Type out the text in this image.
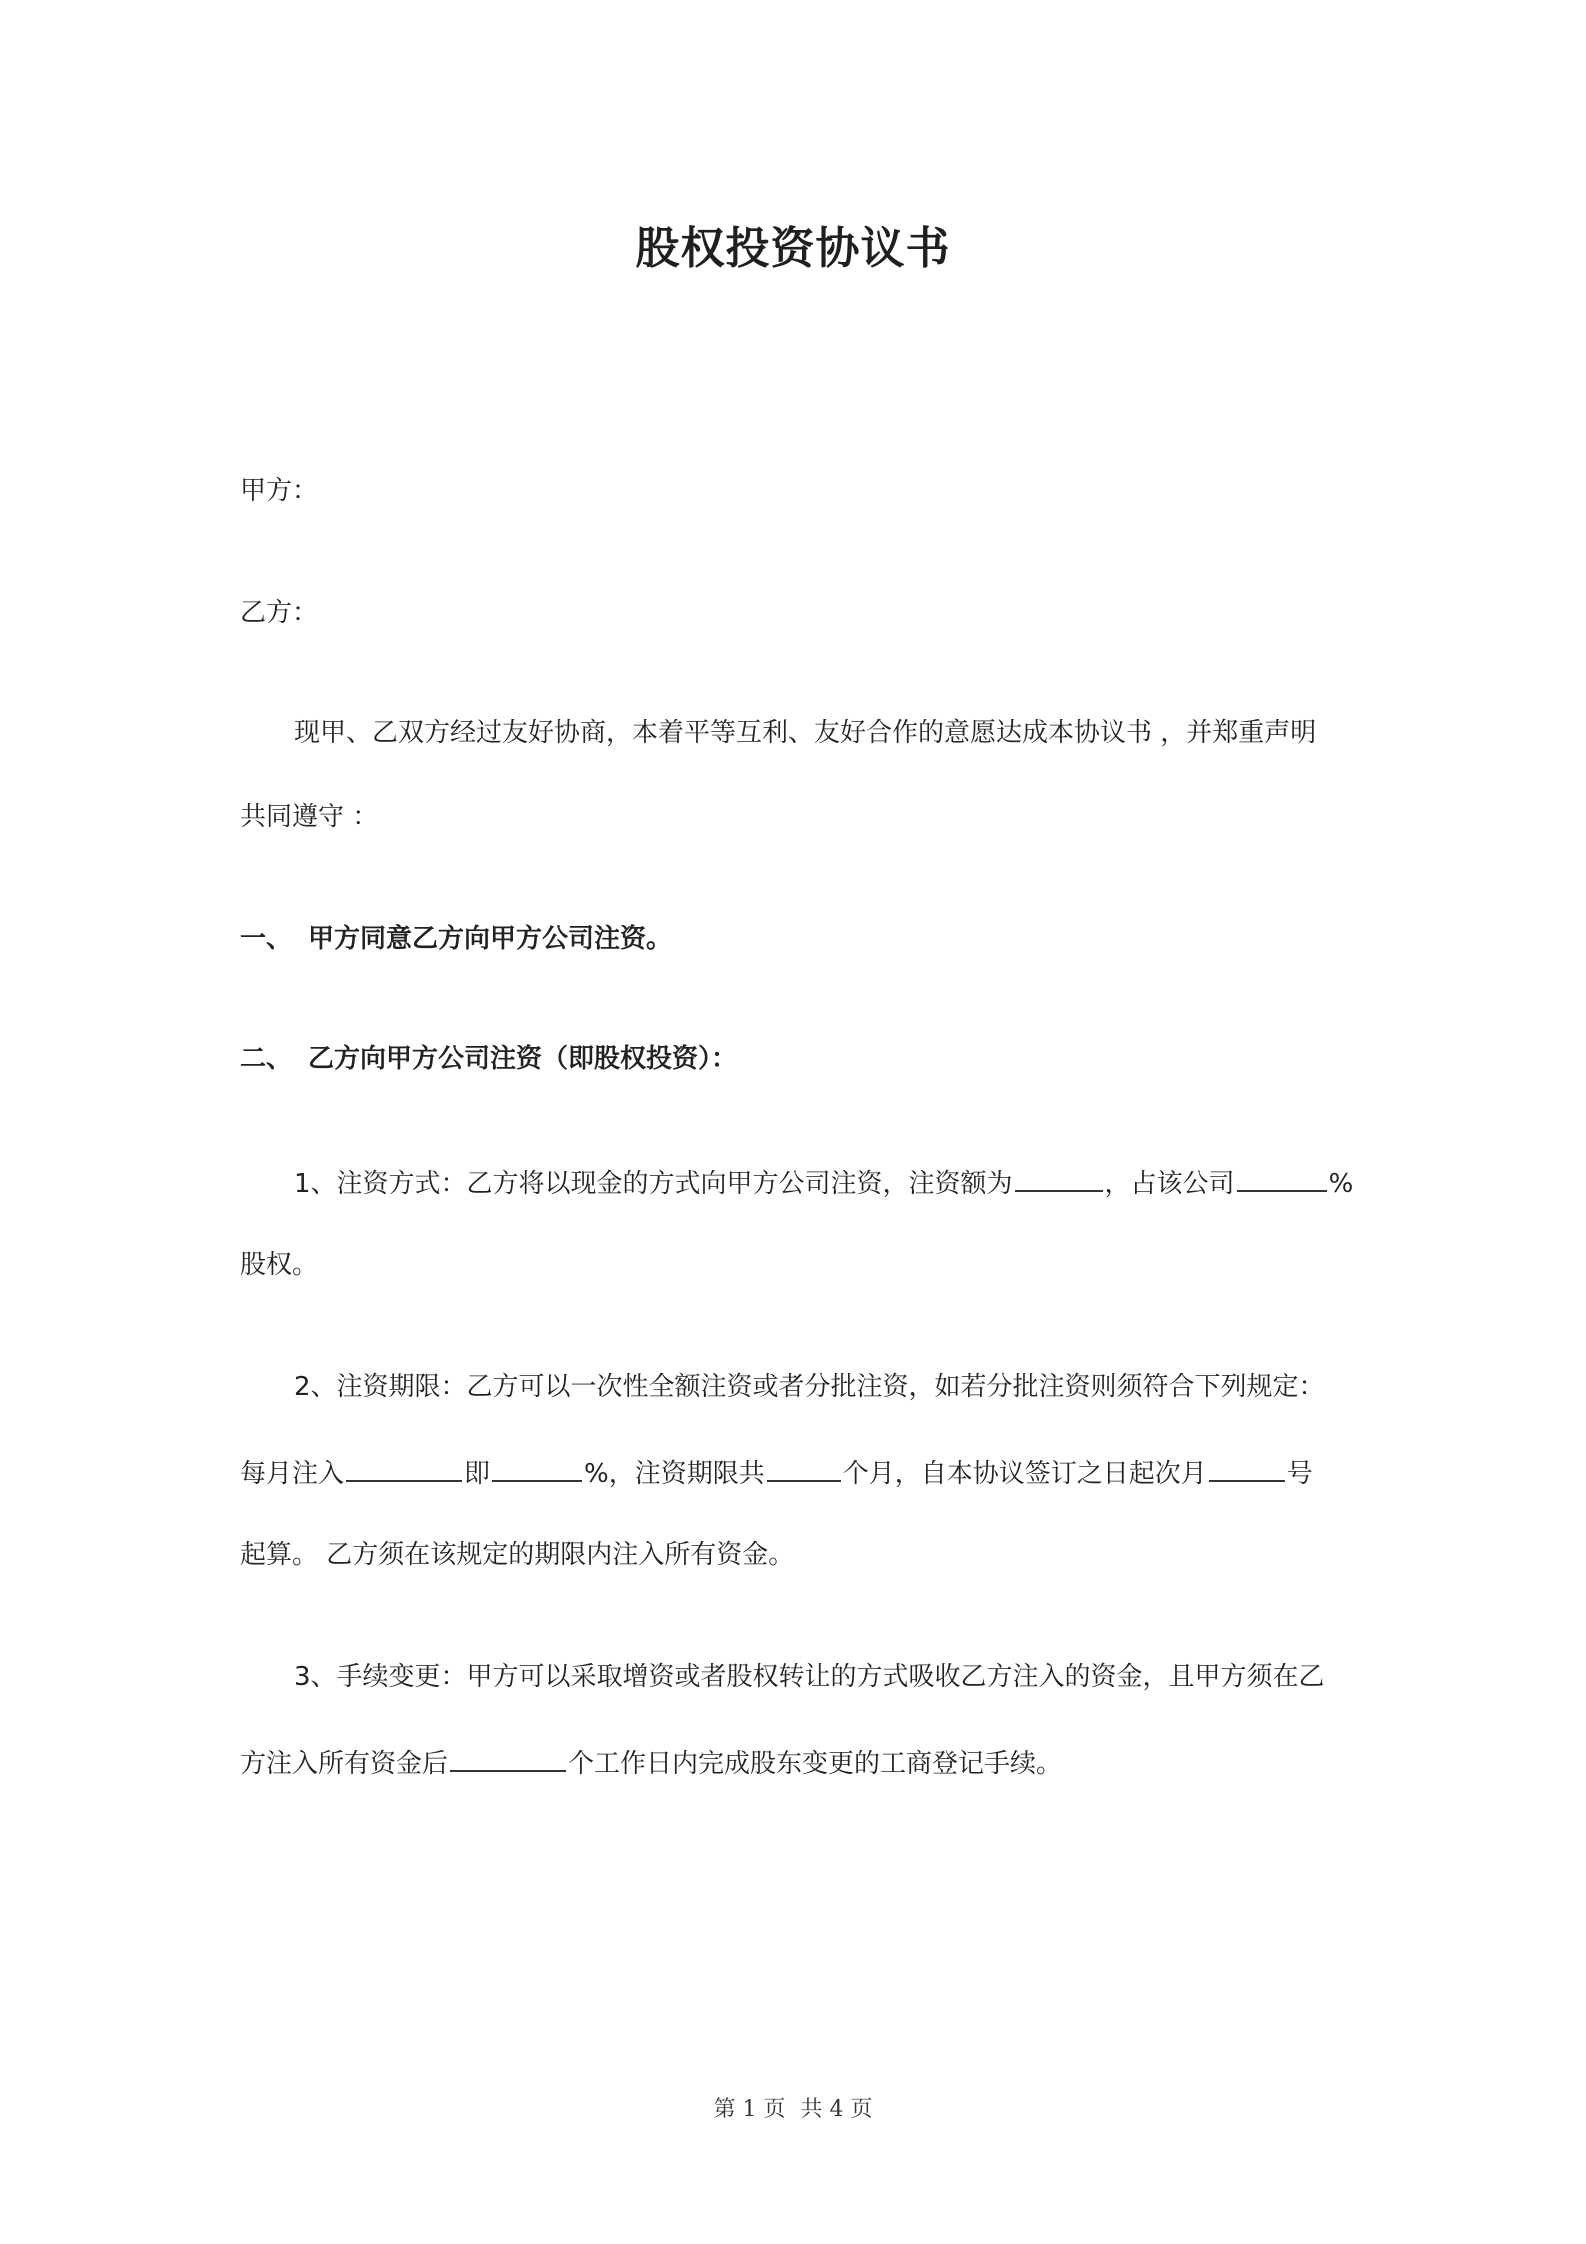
股权投资协议书
甲方：
乙方：
现甲、乙双方经过友好协商，本着平等互利、友好合作的意愿达成本协议书 ，并郑重声明
共同遵守 ：
一、 甲方同意乙方向甲方公司注资。
二、 乙方向甲方公司注资（即股权投资）：
1、注资方式：乙方将以现金的方式向甲方公司注资，注资额为	，占该公司	%
股权。
2、注资期限：乙方可以一次性全额注资或者分批注资，如若分批注资则须符合下列规定：
每月注入	即	%，注资期限共	个月，自本协议签订之日起次月	号
起算。 乙方须在该规定的期限内注入所有资金。
3、手续变更：甲方可以采取增资或者股权转让的方式吸收乙方注入的资金，且甲方须在乙
方注入所有资金后	个工作日内完成股东变更的工商登记手续。
第 1 页 共 4 页
